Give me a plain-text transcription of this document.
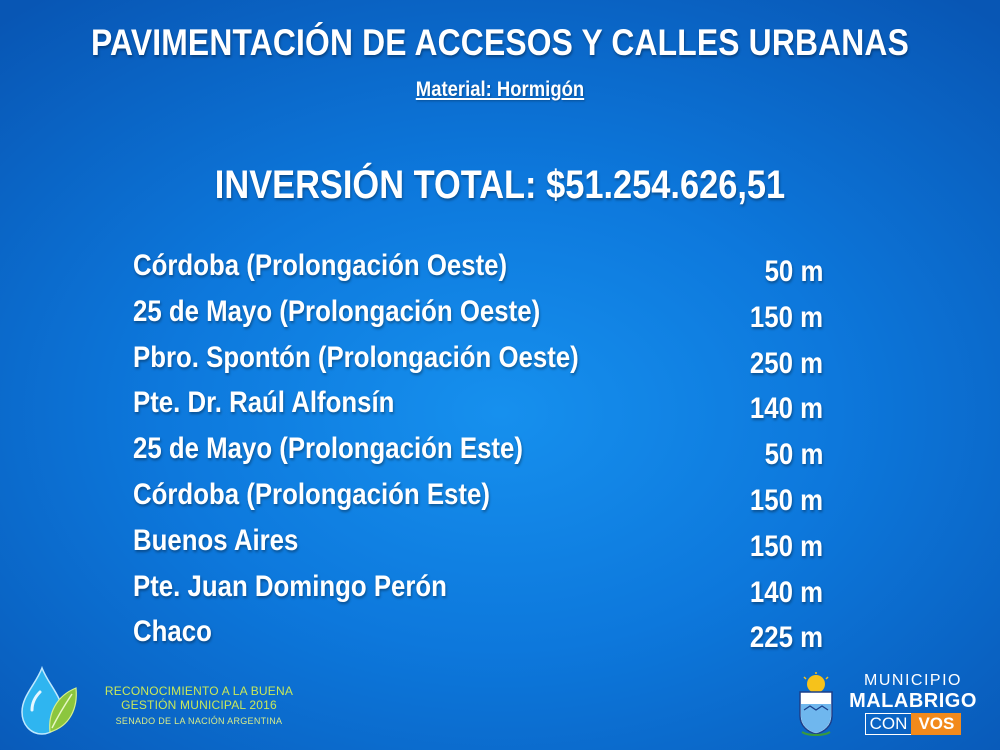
PAVIMENTACIÓN DE ACCESOS Y CALLES URBANAS
Material: Hormigón
INVERSIÓN TOTAL: $51.254.626,51
Córdoba (Prolongación Oeste)	50 m
25 de Mayo (Prolongación Oeste)	150 m
Pbro. Spontón (Prolongación Oeste)	250 m
Pte. Dr. Raúl Alfonsín	140 m
25 de Mayo (Prolongación Este)	50 m
Córdoba (Prolongación Este)	150 m
Buenos Aires	150 m
Pte. Juan Domingo Perón	140 m
Chaco	225 m
RECONOCIMIENTO A LA BUENA
GESTIÓN MUNICIPAL 2016
SENADO DE LA NACIÓN ARGENTINA
MUNICIPIO
MALABRIGO
CON VOS
